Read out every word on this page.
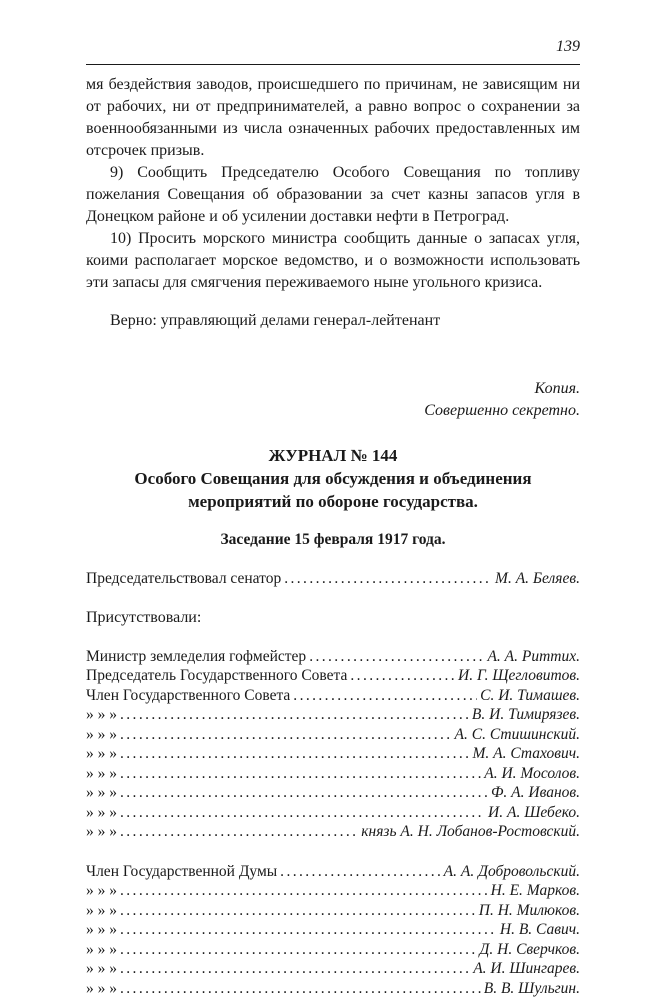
139

мя бездействия заводов, происшедшего по причинам, не зависящим ни от рабочих, ни от предпринимателей, а равно вопрос о сохранении за военнообязанными из числа означенных рабочих предоставленных им отсрочек призыв.

9) Сообщить Председателю Особого Совещания по топливу пожелания Совещания об образовании за счет казны запасов угля в Донецком районе и об усилении доставки нефти в Петроград.

10) Просить морского министра сообщить данные о запасах угля, коими располагает морское ведомство, и о возможности использовать эти запасы для смягчения переживаемого ныне угольного кризиса.

Верно: управляющий делами генерал-лейтенант

Копия.

Совершенно секретно.

ЖУРНАЛ № 144
Особого Совещания для обсуждения и объединения
мероприятий по обороне государства.
Заседание 15 февраля 1917 года.
Председательствовал сенатор .....	М. А. Беляев.

Присутствовали:

Министр земледелия гофмейстер .....	А. А. Риттих.
Председатель Государственного Совета .....	И. Г. Щегловитов.
Член Государственного Совета .....	С. И. Тимашев.
» » » .....	В. И. Тимирязев.
» » » .....	А. С. Стишинский.
» » » .....	М. А. Стахович.
» » » .....	А. И. Мосолов.
» » » .....	Ф. А. Иванов.
» » » .....	И. А. Шебеко.
» » » .....	князь А. Н. Лобанов-Ростовский.
Член Государственной Думы .....	А. А. Добровольский.
» » » .....	Н. Е. Марков.
» » » .....	П. Н. Милюков.
» » » .....	Н. В. Савич.
» » » .....	Д. Н. Сверчков.
» » » .....	А. И. Шингарев.
» » » .....	В. В. Шульгин.
